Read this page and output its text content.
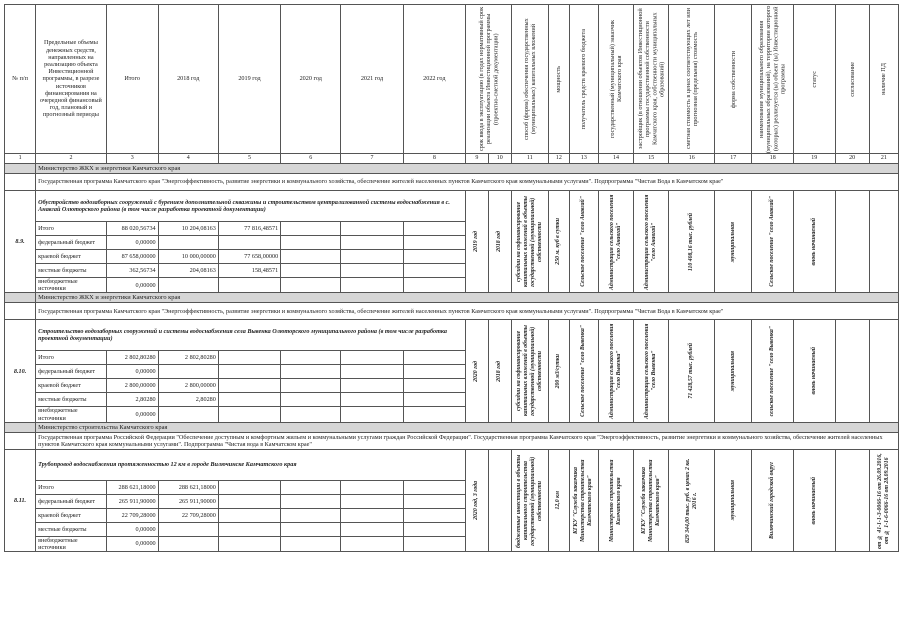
№ п/п	Предельные объемы денежных средств, направленных на реализацию объекта Инвестиционной программы, в разрезе источников финансирования на очередной финансовый год, плановый и прогнозный периоды	Итого	2018 год	2019 год	2020 год	2021 год	2022 год	срок ввода в эксплуатацию (в годах нормативный срок реализации объекта Инвестиционной программы (проектно-сметной документации)		способ (форма) обеспечения государственных (муниципальных) капитальных вложений	мощность	получатель средств краевого бюджета	государственный (муниципальный) заказчик Камчатского края	застройщик (в отношении объектов Инвестиционной программы государственной собственности Камчатского края, собственности муниципальных образований)	сметная стоимость в ценах соответствующих лет или прогнозная (предельная) стоимость	форма собственности	наименование муниципального образования (муниципальных образований), на территории которого (которых) реализуется (ы) объект (ы) Инвестиционной программы	статус	согласование	наличие ПД

1	2	3	4	5	6	7	8	9	10	11	12	13	14	15	16	17	18	19	20	21
	Министерство ЖКХ и энергетики Камчатского края																			
	Государственная программа Камчатского края "Энергоэффективность, развитие энергетики и коммунального хозяйства, обеспечение жителей населенных пунктов Камчатского края коммунальными услугами". Подпрограмма "Чистая Вода в Камчатском крае"																			
8.9.	Обустройство водозаборных сооружений с бурением дополнительной скважины и строительством централизованной системы водоснабжения в с. Анавгай Олюторского района (в том числе разработка проектной документации)							2019 год	2018 год	субсидии на софинансирование капитальных вложений в объекты государственной (муниципальной) собственности	250 м. куб в сутки	Сельское поселение "село Анавгай"	Администрация сельского поселения "село Анавгай"	Администрация сельского поселения "село Анавгай"	110 408,16 тыс. рублей	муниципальная	Сельское поселение "село Анавгай"	вновь начинаемый		

	Итого	88 020,56734	10 204,08163	77 816,48571																
	федеральный бюджет	0,00000																		
	краевой бюджет	87 658,00000	10 000,00000	77 658,00000																
	местные бюджеты	362,56734	204,08163	158,48571																
	внебюджетные источники	0,00000																		
	Министерство ЖКХ и энергетики Камчатского края																			
	Государственная программа Камчатского края "Энергоэффективность, развитие энергетики и коммунального хозяйства, обеспечение жителей населенных пунктов Камчатского края коммунальными услугами". Подпрограмма "Чистая Вода в Камчатском крае"																			
8.10.	Строительство водозаборных сооружений и системы водоснабжения села Вывенка Олюторского муниципального района (в том числе разработка проектной документации)							2020 год	2018 год	субсидии на софинансирование капитальных вложений в объекты государственной (муниципальной) собственности	200 м3/сутки	Сельское поселение "село Вывенка"	Администрация сельского поселения "село Вывенка"	Администрация сельского поселения "село Вывенка"	71 428,57 тыс. рублей	муниципальная	сельское поселение "село Вывенка"	вновь начинаемый		

	Итого	2 802,80280	2 802,80280																	
	федеральный бюджет	0,00000																		
	краевой бюджет	2 800,00000	2 800,00000																	
	местные бюджеты	2,80280	2,80280																	
	внебюджетные источники	0,00000																		
	Министерство строительства Камчатского края																			
	Государственная программа Российской Федерации "Обеспечение доступным и комфортным жильем и коммунальными услугами граждан Российской Федерации". Государственная программа Камчатского края "Энергоэффективность, развитие энергетики и коммунального хозяйства, обеспечение жителей населенных пунктов Камчатского края коммунальными услугами". Подпрограмма "Чистая вода в Камчатском крае"																			
8.11.	Трубопровод водоснабжения протяженностью 12 км в городе Вилючинске Камчатского края							2020 год, 3 года		бюджетные инвестиции в объекты капитального строительства государственной (муниципальной) собственности	12,0 км	КГКУ "Служба заказчика Министерства строительства Камчатского края"	Министерство строительства Камчатского края	КГКУ "Служба заказчика Министерства строительства Камчатского края"	829 344,00 тыс. руб. в ценах 2 кв. 2016 г.	муниципальная	Вилючинский городской округ	вновь начинаемый		от № 41-1-1-3-0066-16 от 26.09.2016, от № 1-1-6-0066-16 от 28.09.2016

	Итого	288 621,18000	288 621,18000																	
	федеральный бюджет	265 911,90000	265 911,90000																	
	краевой бюджет	22 709,28000	22 709,28000																	
	местные бюджеты	0,00000																		
	внебюджетные источники	0,00000																		
